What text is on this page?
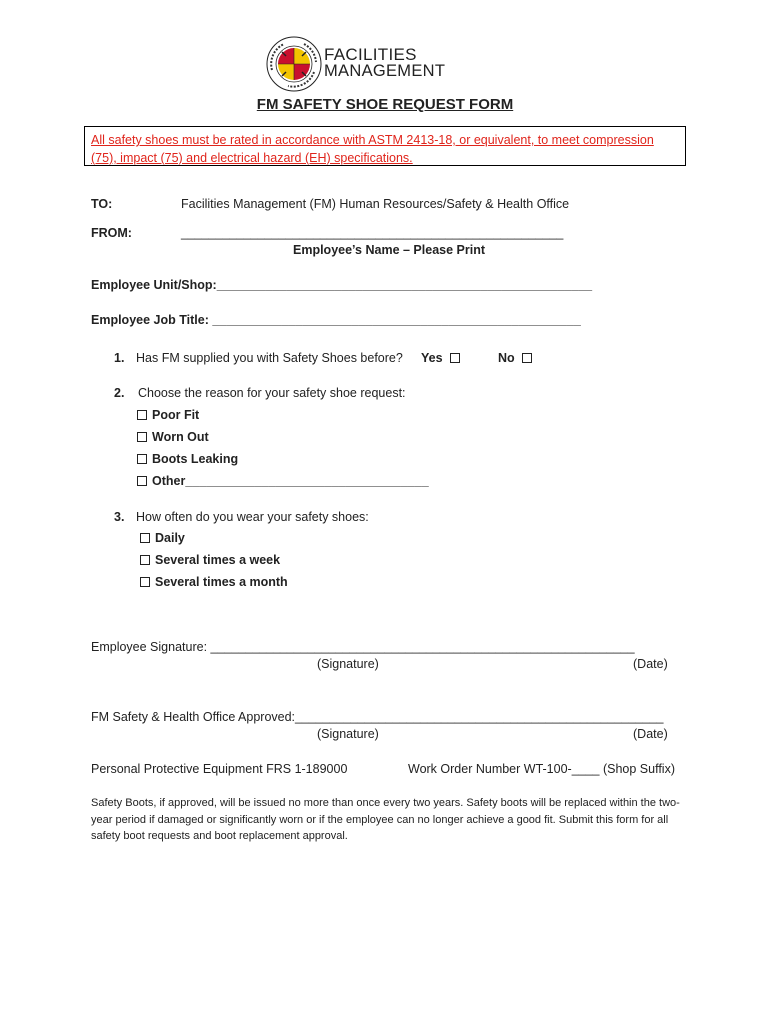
FACILITIES
MANAGEMENT
FM SAFETY SHOE REQUEST FORM
All safety shoes must be rated in accordance with ASTM 2413-18, or equivalent, to meet compression (75), impact (75) and electrical hazard (EH) specifications.
TO:	Facilities Management (FM) Human Resources/Safety & Health Office
FROM:	_______________________________________________________
Employee’s Name – Please Print
Employee Unit/Shop:______________________________________________________
Employee Job Title: _____________________________________________________
1. Has FM supplied you with Safety Shoes before? Yes	No
2. Choose the reason for your safety shoe request:
Poor Fit
Worn Out
Boots Leaking
Other___________________________________
3. How often do you wear your safety shoes:
Daily
Several times a week
Several times a month
Employee Signature: _____________________________________________________________
(Signature)	(Date)
FM Safety & Health Office Approved:_____________________________________________________
(Signature)	(Date)
Personal Protective Equipment FRS 1-189000	Work Order Number WT-100-____ (Shop Suffix)
Safety Boots, if approved, will be issued no more than once every two years. Safety boots will be replaced within the two-year period if damaged or significantly worn or if the employee can no longer achieve a good fit. Submit this form for all safety boot requests and boot replacement approval.
